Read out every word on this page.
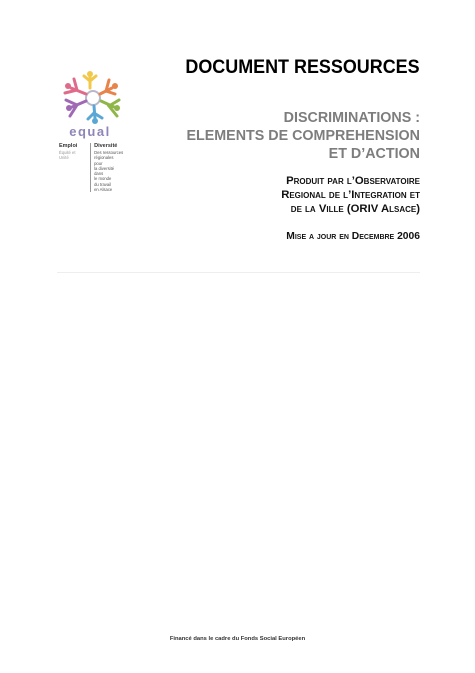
equal
Emploi
Équité et
Unité
Diversité
Des ressources
régionales
pour
la diversité
dans
le monde
du travail
en Alsace
DOCUMENT RESSOURCES
DISCRIMINATIONS :
ELEMENTS DE COMPREHENSION
ET D’ACTION
Produit par l’Observatoire
Regional de l’Integration et
de la Ville (ORIV Alsace)
Mise a jour en Decembre 2006
Financé dans le cadre du Fonds Social Européen
